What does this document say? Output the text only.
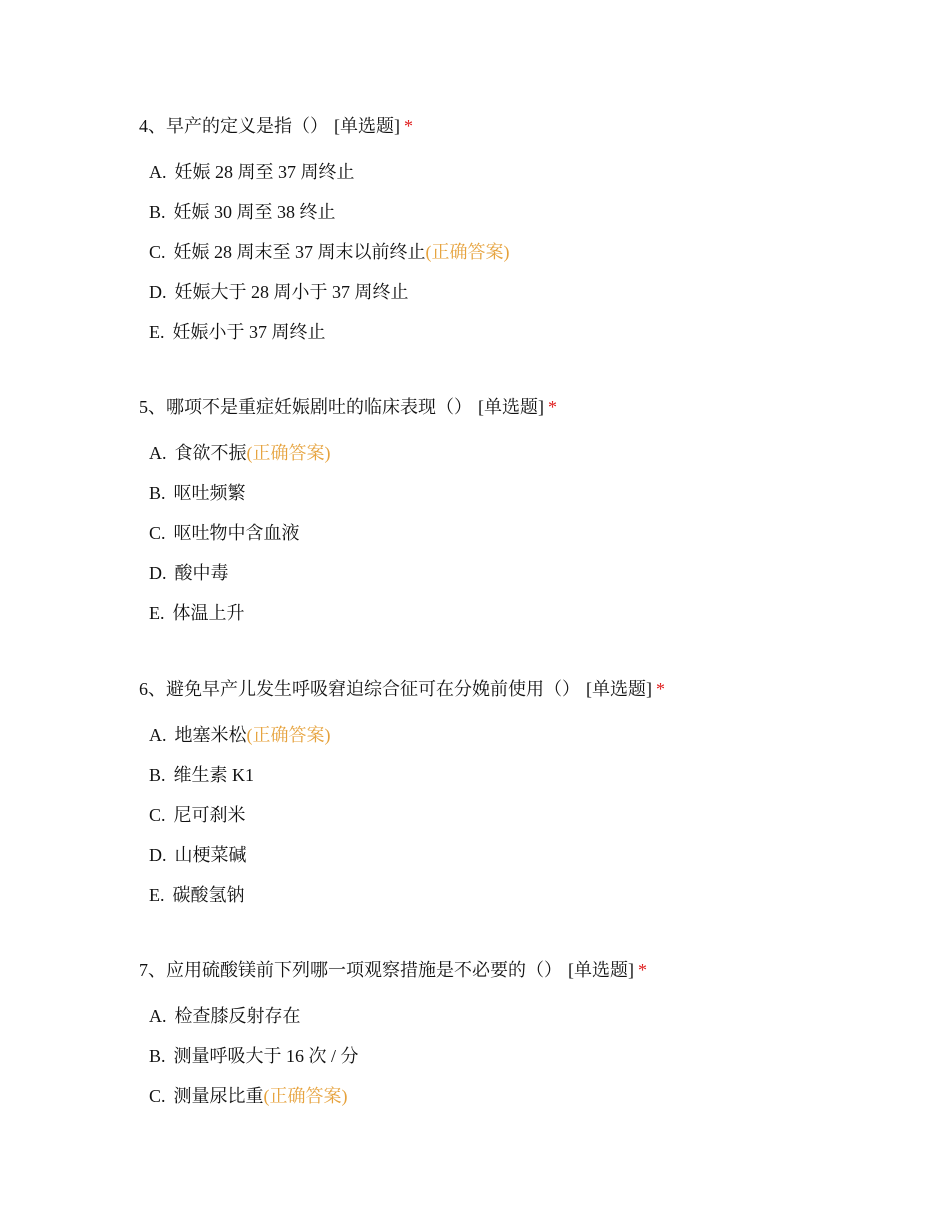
4、早产的定义是指（） [单选题] *
A. 妊娠 28 周至 37 周终止
B. 妊娠 30 周至 38 终止
C. 妊娠 28 周末至 37 周末以前终止(正确答案)
D. 妊娠大于 28 周小于 37 周终止
E. 妊娠小于 37 周终止
5、哪项不是重症妊娠剧吐的临床表现（） [单选题] *
A. 食欲不振(正确答案)
B. 呕吐频繁
C. 呕吐物中含血液
D. 酸中毒
E. 体温上升
6、避免早产儿发生呼吸窘迫综合征可在分娩前使用（） [单选题] *
A. 地塞米松(正确答案)
B. 维生素 K1
C. 尼可刹米
D. 山梗菜碱
E. 碳酸氢钠
7、应用硫酸镁前下列哪一项观察措施是不必要的（） [单选题] *
A. 检查膝反射存在
B. 测量呼吸大于 16 次 / 分
C. 测量尿比重(正确答案)
